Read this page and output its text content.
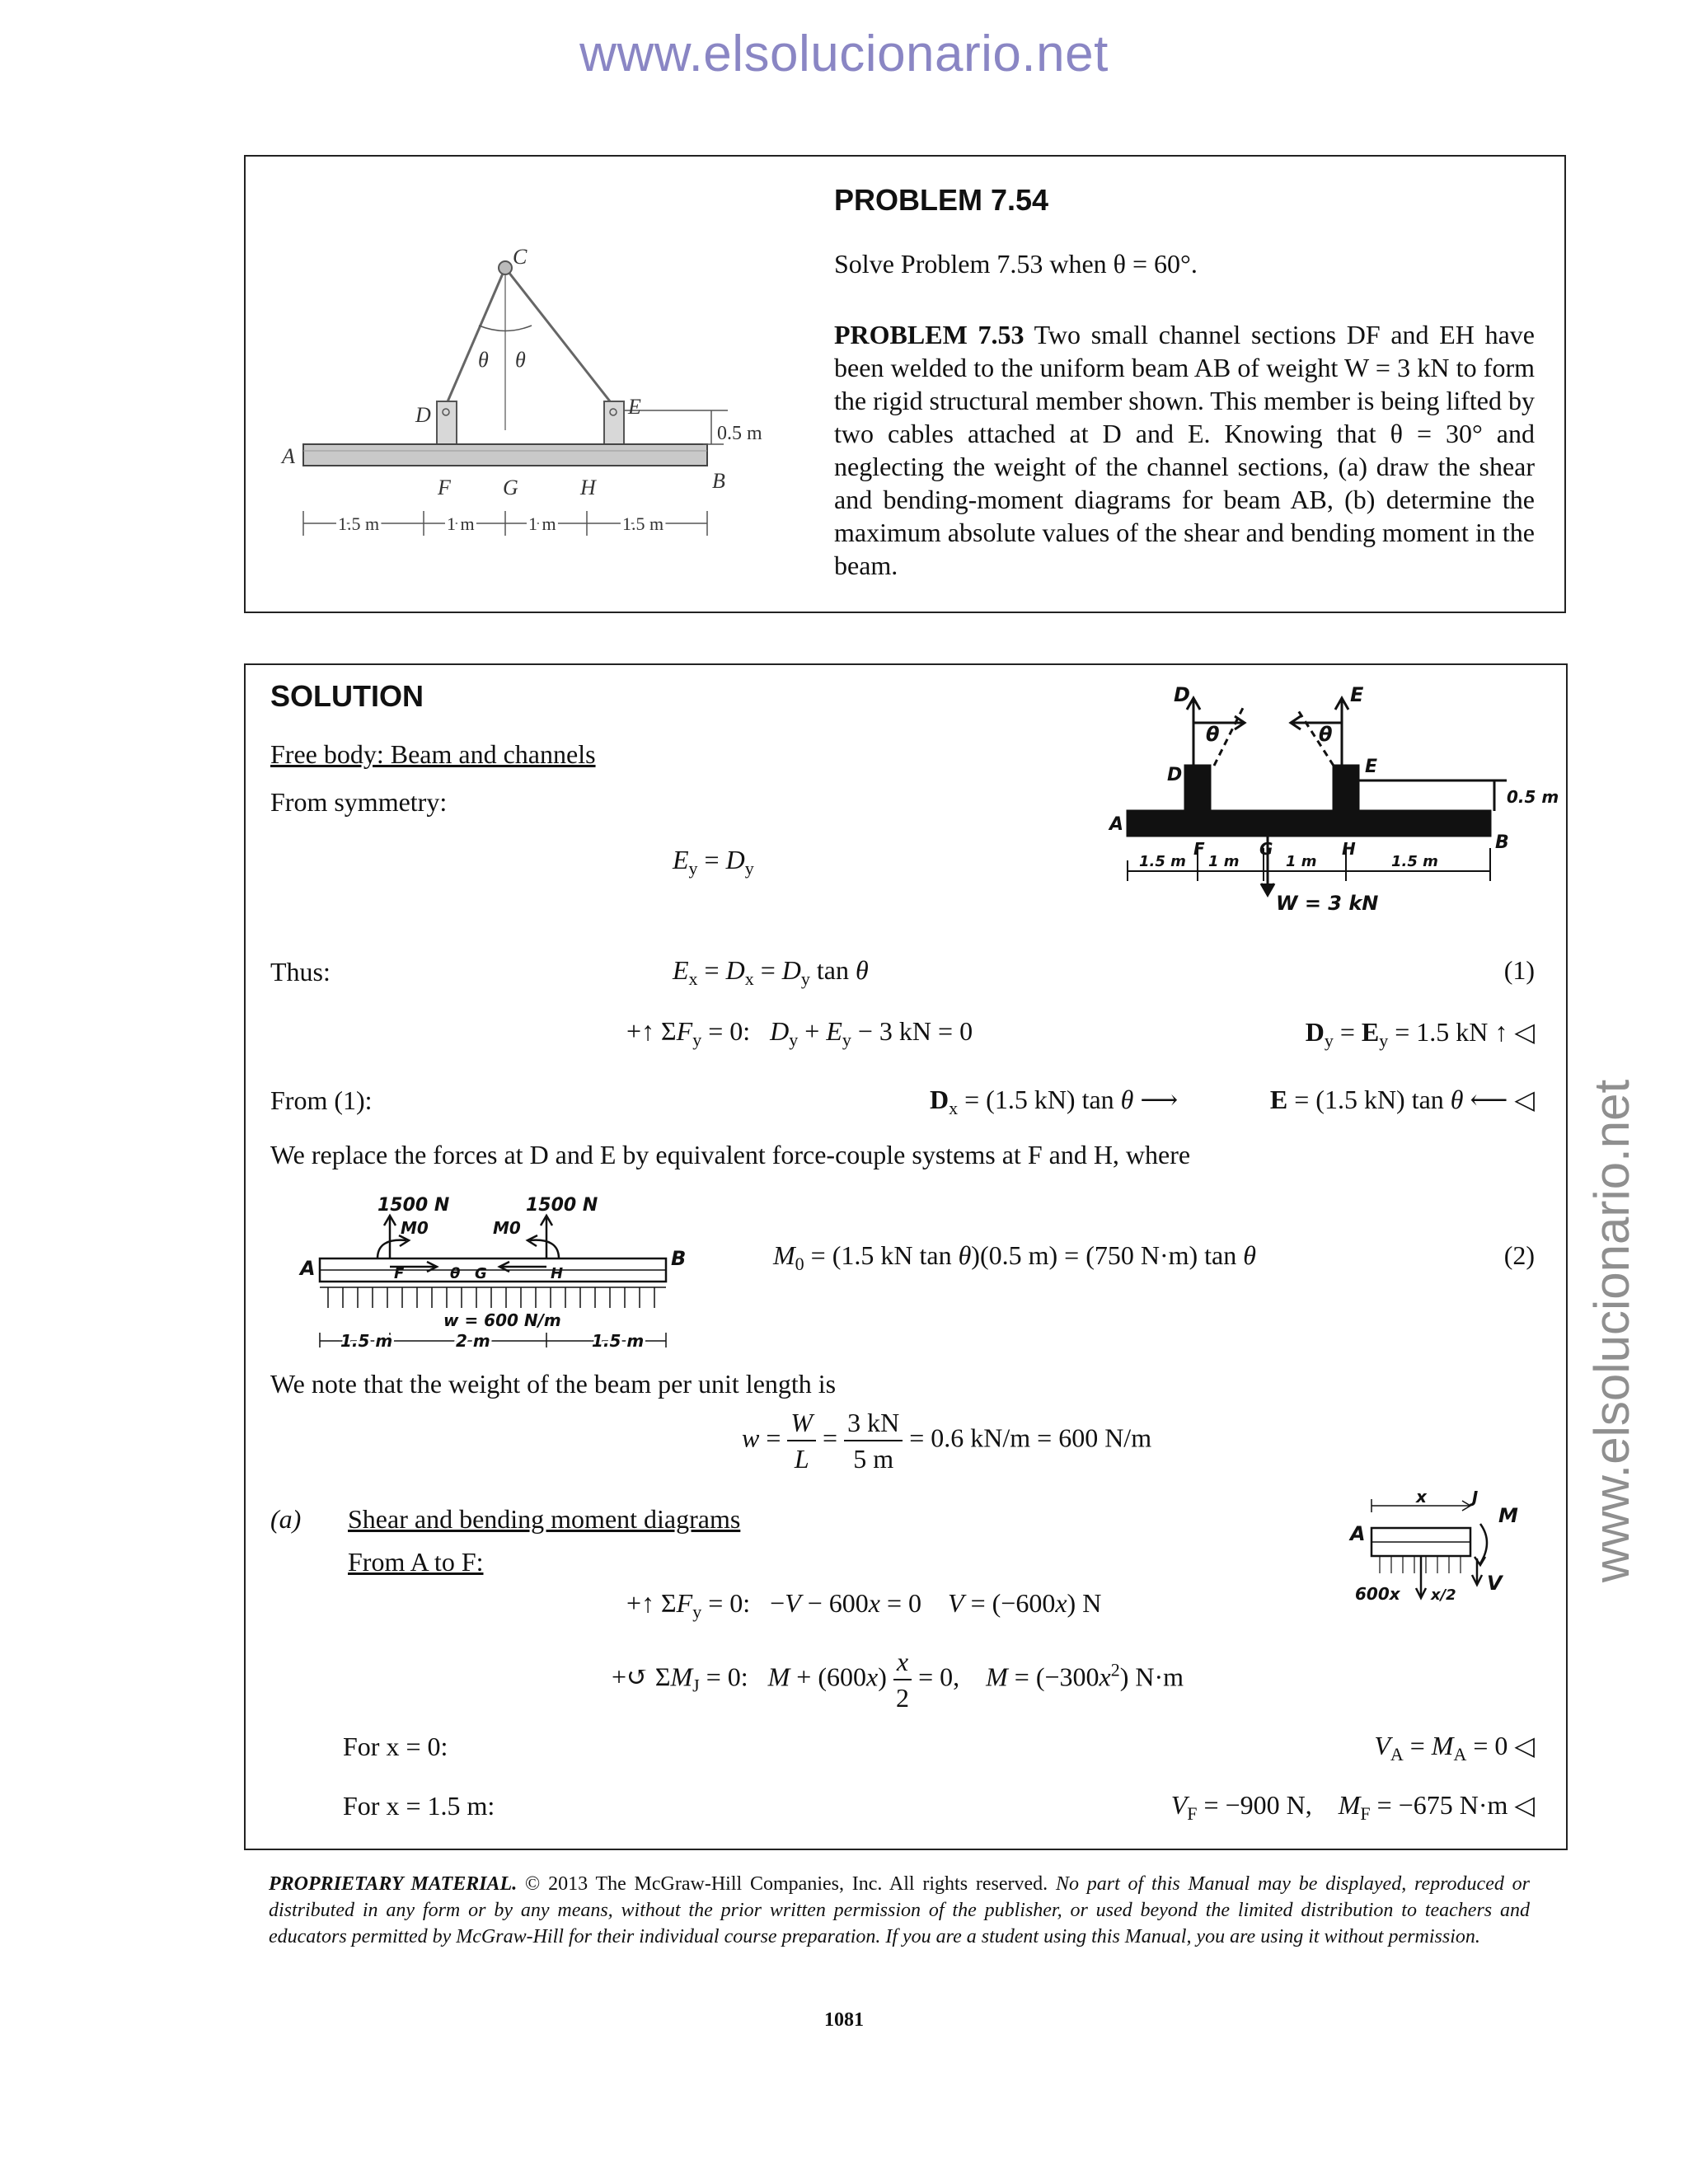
www.elsolucionario.net
www.elsolucionario.net
0.5 m
C
θ θ
D	E
A
B
F G	H
1.5 m	1 m	1 m	1.5 m
PROBLEM 7.54
Solve Problem 7.53 when θ = 60°.
PROBLEM 7.53 Two small channel sections DF and EH have been welded to the uniform beam AB of weight W = 3 kN to form the rigid structural member shown. This member is being lifted by two cables attached at D and E. Knowing that θ = 30° and neglecting the weight of the channel sections, (a) draw the shear and bending-moment diagrams for beam AB, (b) determine the maximum absolute values of the shear and bending moment in the beam.
SOLUTION
Free body: Beam and channels
From symmetry:
D	E
θ	θ
D	E
A
B
F	G	H
0.5 m
1.5 m 1 m	1 m	1.5 m
W = 3 kN
$E_y = D_y$
Thus:	$E_x = D_x = D_y$ tan θ	(1)
+↑ $\Sigma F_y = 0$:   $D_y + E_y - 3$ kN = 0	$D_y = E_y = 1.5$ kN ↑ ◁
From (1):	$D_x = (1.5$ kN) tan θ ⟶	E = (1.5 kN) tan θ ⟵ ◁
We replace the forces at D and E by equivalent force-couple systems at F and H, where
1500 N	1500 N
M0	M0
A	B
F	G	H
θ
w = 600 N/m
1.5 m	2 m	1.5 m
$M_0 = (1.5$ kN tan θ)(0.5 m) = (750 N·m) tan θ	(2)
We note that the weight of the beam per unit length is
$w = \frac{W}{L} = \frac{3 kN}{5 m} = 0.6$ kN/m = 600 N/m
(a) Shear and bending moment diagrams
From A to F:
A
x	J
M
V
600x x/2
+↑ $\Sigma F_y = 0$:   −V − 600x = 0    V = (−600x) N
+↺ $\Sigma M_J = 0$:   $M + (600x) \frac{x}{2} = 0$,    $M = (-300x^2)$ N·m
For x = 0:	$V_A = M_A = 0$ ◁
For x = 1.5 m:	$V_F = -900$ N,    $M_F = -675$ N·m ◁
PROPRIETARY MATERIAL. © 2013 The McGraw-Hill Companies, Inc. All rights reserved. No part of this Manual may be displayed, reproduced or distributed in any form or by any means, without the prior written permission of the publisher, or used beyond the limited distribution to teachers and educators permitted by McGraw-Hill for their individual course preparation. If you are a student using this Manual, you are using it without permission.
1081
